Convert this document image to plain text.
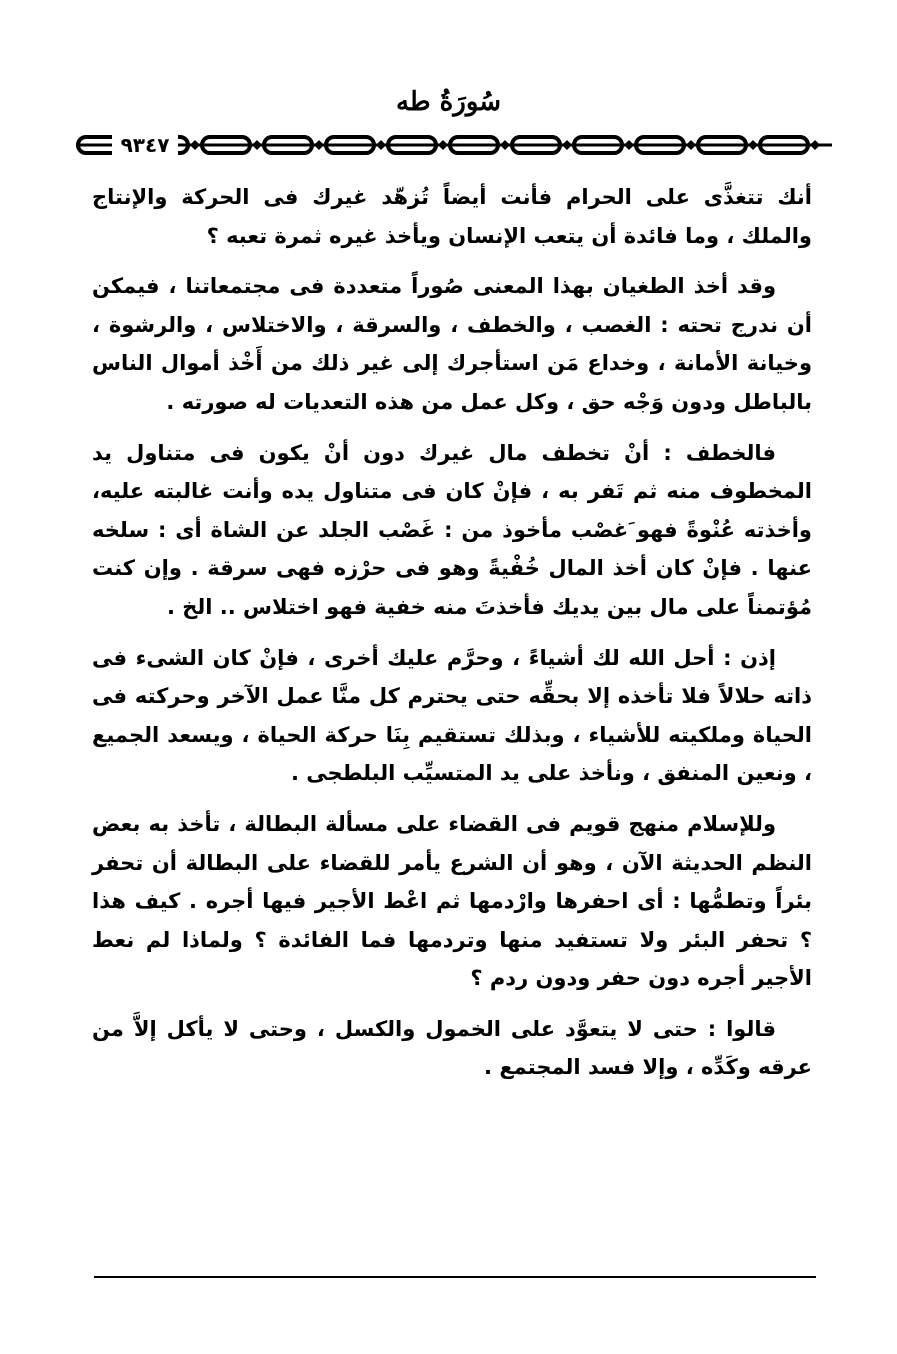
سُورَةُ طه
٩٣٤٧

أنك تتغذَّى على الحرام فأنت أيضاً تُزهّد غيرك فى الحركة والإنتاج والملك ، وما فائدة أن يتعب الإنسان ويأخذ غيره ثمرة تعبه ؟

وقد أخذ الطغيان بهذا المعنى صُوراً متعددة فى مجتمعاتنا ، فيمكن أن ندرج تحته : الغصب ، والخطف ، والسرقة ، والاختلاس ، والرشوة ، وخيانة الأمانة ، وخداع مَن استأجرك إلى غير ذلك من أَخْذ أموال الناس بالباطل ودون وَجْه حق ، وكل عمل من هذه التعديات له صورته .

فالخطف : أنْ تخطف مال غيرك دون أنْ يكون فى متناول يد المخطوف منه ثم تَفر به ، فإنْ كان فى متناول يده وأنت غالبته عليه، وأخذته عُنْوةً فهو َغصْب مأخوذ من : غَصْب الجلد عن الشاة أى : سلخه عنها . فإنْ كان أخذ المال خُفْيةً وهو فى حرْزه فهى سرقة . وإن كنت مُؤتمناً على مال بين يديك فأخذتَ منه خفية فهو اختلاس .. الخ .

إذن : أحل الله لك أشياءً ، وحرَّم عليك أخرى ، فإنْ كان الشىء فى ذاته حلالاً فلا تأخذه إلا بحقِّه حتى يحترم كل منَّا عمل الآخر وحركته فى الحياة وملكيته للأشياء ، وبذلك تستقيم بِنَا حركة الحياة ، ويسعد الجميع ، ونعين المنفق ، ونأخذ على يد المتسيِّب البلطجى .

وللإسلام منهج قويم فى القضاء على مسألة البطالة ، تأخذ به بعض النظم الحديثة الآن ، وهو أن الشرع يأمر للقضاء على البطالة أن تحفر بئراً وتطمُّها : أى احفرها وارْدمها ثم اعْط الأجير فيها أجره . كيف هذا ؟ تحفر البئر ولا تستفيد منها وتردمها فما الفائدة ؟ ولماذا لم نعط الأجير أجره دون حفر ودون ردم ؟

قالوا : حتى لا يتعوَّد على الخمول والكسل ، وحتى لا يأكل إلاَّ من عرقه وكَدِّه ، وإلا فسد المجتمع .
